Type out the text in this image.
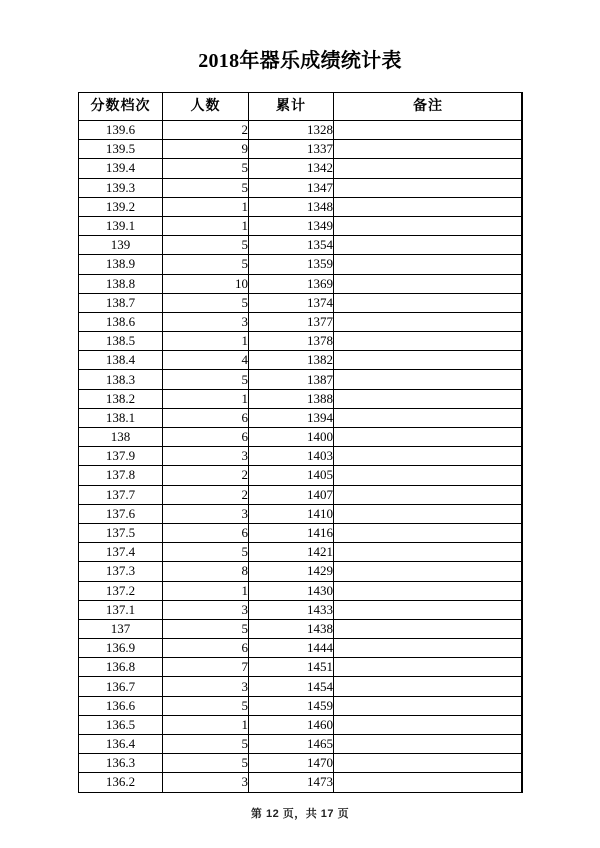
2018年器乐成绩统计表
分数档次	人数	累计	备注
139.6	2	1328	
139.5	9	1337	
139.4	5	1342	
139.3	5	1347	
139.2	1	1348	
139.1	1	1349	
139	5	1354	
138.9	5	1359	
138.8	10	1369	
138.7	5	1374	
138.6	3	1377	
138.5	1	1378	
138.4	4	1382	
138.3	5	1387	
138.2	1	1388	
138.1	6	1394	
138	6	1400	
137.9	3	1403	
137.8	2	1405	
137.7	2	1407	
137.6	3	1410	
137.5	6	1416	
137.4	5	1421	
137.3	8	1429	
137.2	1	1430	
137.1	3	1433	
137	5	1438	
136.9	6	1444	
136.8	7	1451	
136.7	3	1454	
136.6	5	1459	
136.5	1	1460	
136.4	5	1465	
136.3	5	1470	
136.2	3	1473	
第 12 页，共 17 页
